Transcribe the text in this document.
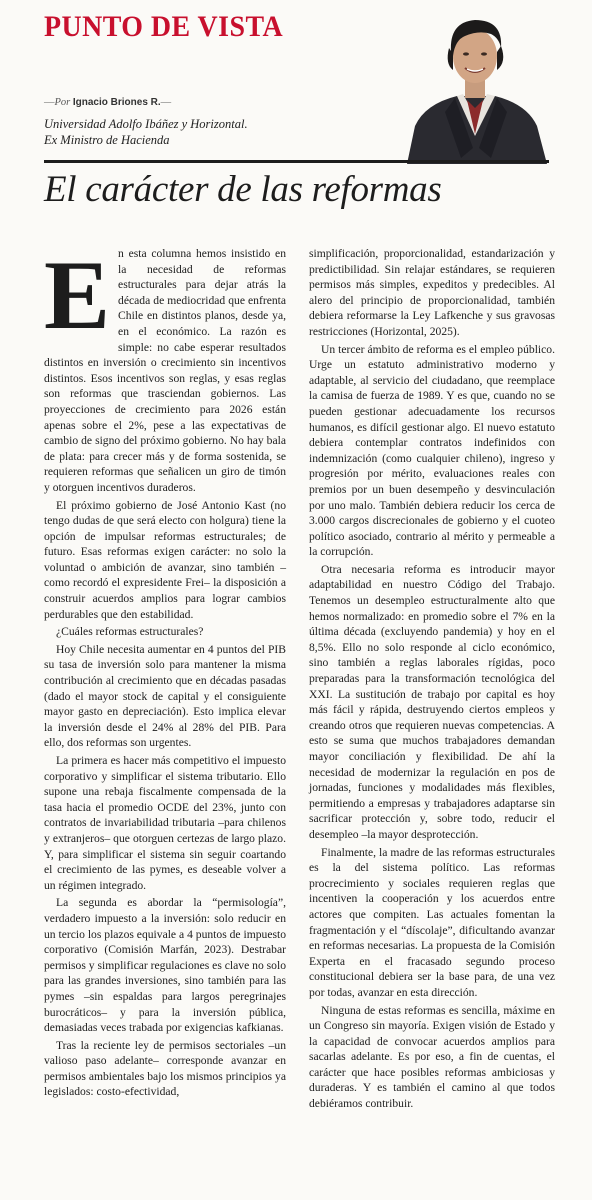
PUNTO DE VISTA
—Por Ignacio Briones R.—
Universidad Adolfo Ibáñez y Horizontal.
Ex Ministro de Hacienda
El carácter de las reformas

En esta columna hemos insistido en la necesidad de reformas estructurales para dejar atrás la década de mediocridad que enfrenta Chile en distintos planos, desde ya, en el económico. La razón es simple: no cabe esperar resultados distintos en inversión o crecimiento sin incentivos distintos. Esos incentivos son reglas, y esas reglas son reformas que trasciendan gobiernos. Las proyecciones de crecimiento para 2026 están apenas sobre el 2%, pese a las expectativas de cambio de signo del próximo gobierno. No hay bala de plata: para crecer más y de forma sostenida, se requieren reformas que señalicen un giro de timón y otorguen incentivos duraderos.

El próximo gobierno de José Antonio Kast (no tengo dudas de que será electo con holgura) tiene la opción de impulsar reformas estructurales; de futuro. Esas reformas exigen carácter: no solo la voluntad o ambición de avanzar, sino también –como recordó el expresidente Frei– la disposición a construir acuerdos amplios para lograr cambios perdurables que den estabilidad.

¿Cuáles reformas estructurales?

Hoy Chile necesita aumentar en 4 puntos del PIB su tasa de inversión solo para mantener la misma contribución al crecimiento que en décadas pasadas (dado el mayor stock de capital y el consiguiente mayor gasto en depreciación). Esto implica elevar la inversión desde el 24% al 28% del PIB. Para ello, dos reformas son urgentes.

La primera es hacer más competitivo el impuesto corporativo y simplificar el sistema tributario. Ello supone una rebaja fiscalmente compensada de la tasa hacia el promedio OCDE del 23%, junto con contratos de invariabilidad tributaria –para chilenos y extranjeros– que otorguen certezas de largo plazo. Y, para simplificar el sistema sin seguir coartando el crecimiento de las pymes, es deseable volver a un régimen integrado.

La segunda es abordar la “permisología”, verdadero impuesto a la inversión: solo reducir en un tercio los plazos equivale a 4 puntos de impuesto corporativo (Comisión Marfán, 2023). Destrabar permisos y simplificar regulaciones es clave no solo para las grandes inversiones, sino también para las pymes –sin espaldas para largos peregrinajes burocráticos– y para la inversión pública, demasiadas veces trabada por exigencias kafkianas.

Tras la reciente ley de permisos sectoriales –un valioso paso adelante– corresponde avanzar en permisos ambientales bajo los mismos principios ya legislados: costo-efectividad,

simplificación, proporcionalidad, estandarización y predictibilidad. Sin relajar estándares, se requieren permisos más simples, expeditos y predecibles. Al alero del principio de proporcionalidad, también debiera reformarse la Ley Lafkenche y sus gravosas restricciones (Horizontal, 2025).

Un tercer ámbito de reforma es el empleo público. Urge un estatuto administrativo moderno y adaptable, al servicio del ciudadano, que reemplace la camisa de fuerza de 1989. Y es que, cuando no se pueden gestionar adecuadamente los recursos humanos, es difícil gestionar algo. El nuevo estatuto debiera contemplar contratos indefinidos con indemnización (como cualquier chileno), ingreso y progresión por mérito, evaluaciones reales con premios por un buen desempeño y desvinculación por uno malo. También debiera reducir los cerca de 3.000 cargos discrecionales de gobierno y el cuoteo político asociado, contrario al mérito y permeable a la corrupción.

Otra necesaria reforma es introducir mayor adaptabilidad en nuestro Código del Trabajo. Tenemos un desempleo estructuralmente alto que hemos normalizado: en promedio sobre el 7% en la última década (excluyendo pandemia) y hoy en el 8,5%. Ello no solo responde al ciclo económico, sino también a reglas laborales rígidas, poco preparadas para la transformación tecnológica del XXI. La sustitución de trabajo por capital es hoy más fácil y rápida, destruyendo ciertos empleos y creando otros que requieren nuevas competencias. A esto se suma que muchos trabajadores demandan mayor conciliación y flexibilidad. De ahí la necesidad de modernizar la regulación en pos de jornadas, funciones y modalidades más flexibles, permitiendo a empresas y trabajadores adaptarse sin sacrificar protección y, sobre todo, reducir el desempleo –la mayor desprotección.

Finalmente, la madre de las reformas estructurales es la del sistema político. Las reformas procrecimiento y sociales requieren reglas que incentiven la cooperación y los acuerdos entre actores que compiten. Las actuales fomentan la fragmentación y el “díscolaje”, dificultando avanzar en reformas necesarias. La propuesta de la Comisión Experta en el fracasado segundo proceso constitucional debiera ser la base para, de una vez por todas, avanzar en esta dirección.

Ninguna de estas reformas es sencilla, máxime en un Congreso sin mayoría. Exigen visión de Estado y la capacidad de convocar acuerdos amplios para sacarlas adelante. Es por eso, a fin de cuentas, el carácter que hace posibles reformas ambiciosas y duraderas. Y es también el camino al que todos debiéramos contribuir.
